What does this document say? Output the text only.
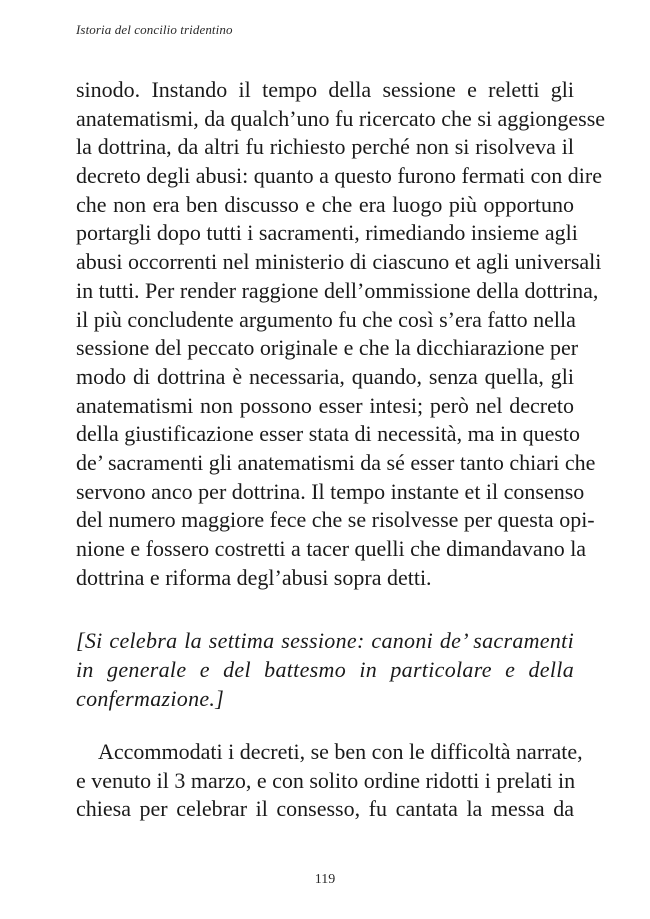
Istoria del concilio tridentino
sinodo. Instando il tempo della sessione e reletti gli
anatematismi, da qualch’uno fu ricercato che si aggiongesse
la dottrina, da altri fu richiesto perché non si risolveva il
decreto degli abusi: quanto a questo furono fermati con dire
che non era ben discusso e che era luogo più opportuno
portargli dopo tutti i sacramenti, rimediando insieme agli
abusi occorrenti nel ministerio di ciascuno et agli universali
in tutti. Per render raggione dell’ommissione della dottrina,
il più concludente argumento fu che così s’era fatto nella
sessione del peccato originale e che la dicchiarazione per
modo di dottrina è necessaria, quando, senza quella, gli
anatematismi non possono esser intesi; però nel decreto
della giustificazione esser stata di necessità, ma in questo
de’ sacramenti gli anatematismi da sé esser tanto chiari che
servono anco per dottrina. Il tempo instante et il consenso
del numero maggiore fece che se risolvesse per questa opi-
nione e fossero costretti a tacer quelli che dimandavano la
dottrina e riforma degl’abusi sopra detti.
[Si celebra la settima sessione: canoni de’ sacramenti
in generale e del battesmo in particolare e della
confermazione.]
Accommodati i decreti, se ben con le difficoltà narrate,
e venuto il 3 marzo, e con solito ordine ridotti i prelati in
chiesa per celebrar il consesso, fu cantata la messa da
119
